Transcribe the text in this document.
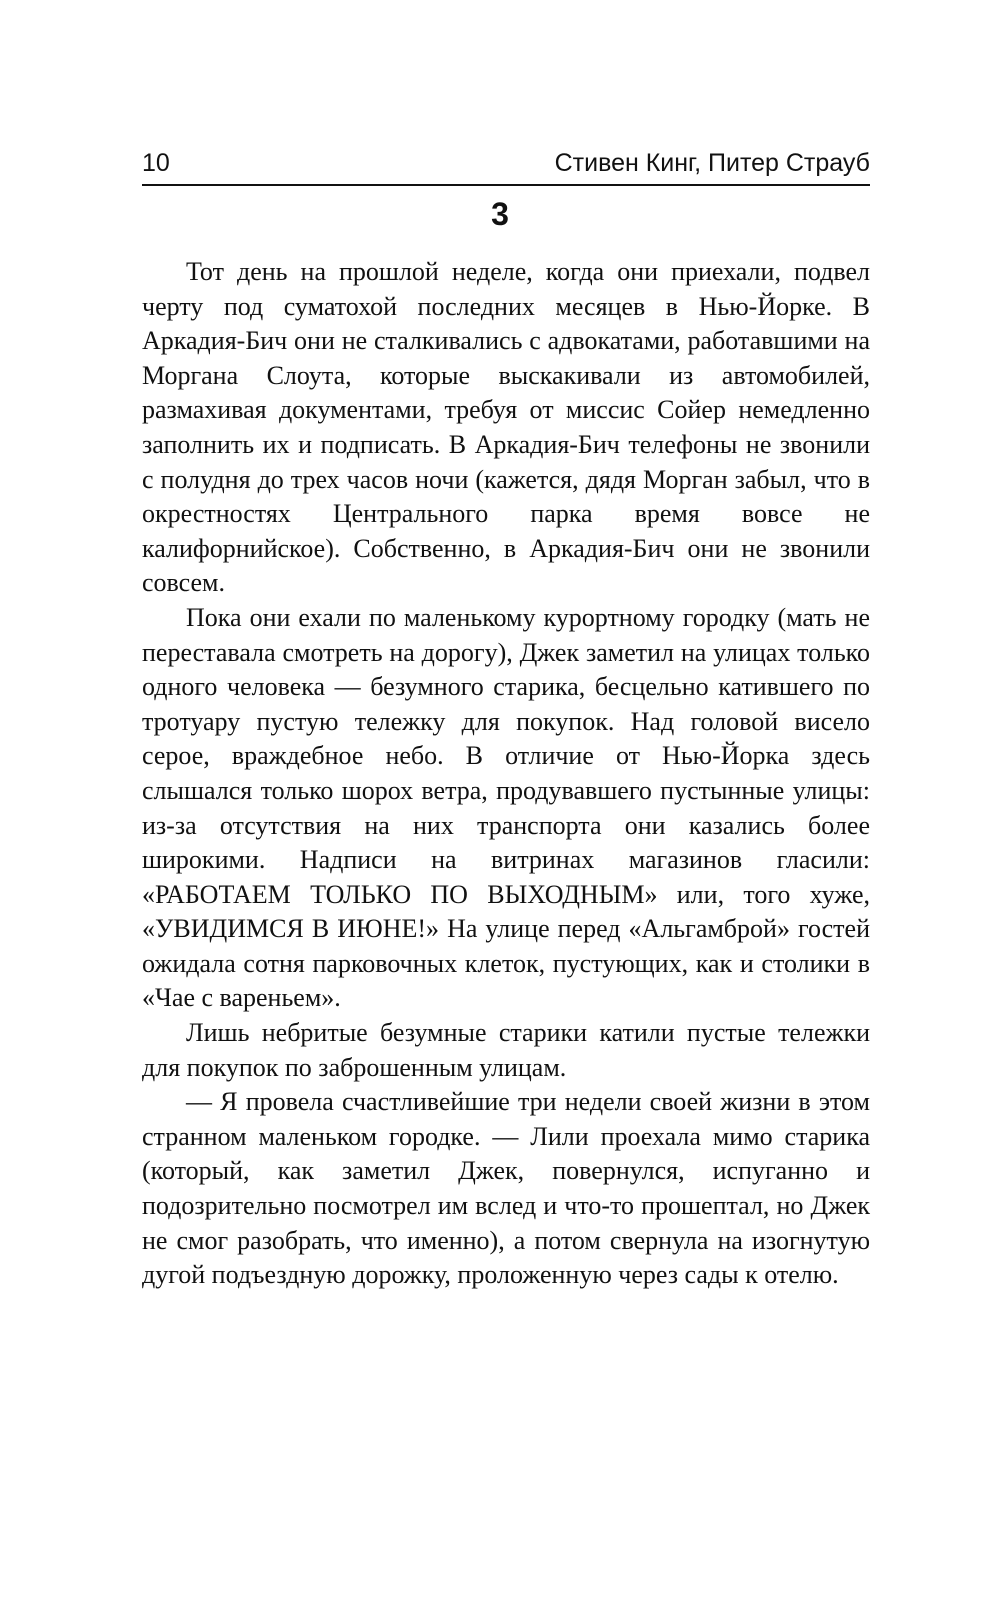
10	Стивен Кинг, Питер Страуб
3

Тот день на прошлой неделе, когда они приехали, подвел черту под суматохой последних месяцев в Нью-Йорке. В Аркадия-Бич они не сталкивались с адвокатами, работавшими на Моргана Слоута, которые выскакивали из автомобилей, размахивая документами, требуя от миссис Сойер немедленно заполнить их и подписать. В Аркадия-Бич телефоны не звонили с полудня до трех часов ночи (кажется, дядя Морган забыл, что в окрестностях Центрального парка время вовсе не калифорнийское). Собственно, в Аркадия-Бич они не звонили совсем.

Пока они ехали по маленькому курортному городку (мать не переставала смотреть на дорогу), Джек заметил на улицах только одного человека — безумного старика, бесцельно катившего по тротуару пустую тележку для покупок. Над головой висело серое, враждебное небо. В отличие от Нью-Йорка здесь слышался только шорох ветра, продувавшего пустынные улицы: из-за отсутствия на них транспорта они казались более широкими. Надписи на витринах магазинов гласили: «РАБОТАЕМ ТОЛЬКО ПО ВЫХОДНЫМ» или, того хуже, «УВИДИМСЯ В ИЮНЕ!» На улице перед «Альгамброй» гостей ожидала сотня парковочных клеток, пустующих, как и столики в «Чае с вареньем».

Лишь небритые безумные старики катили пустые тележки для покупок по заброшенным улицам.

— Я провела счастливейшие три недели своей жизни в этом странном маленьком городке. — Лили проехала мимо старика (который, как заметил Джек, повернулся, испуганно и подозрительно посмотрел им вслед и что-то прошептал, но Джек не смог разобрать, что именно), а потом свернула на изогнутую дугой подъездную дорожку, проложенную через сады к отелю.
